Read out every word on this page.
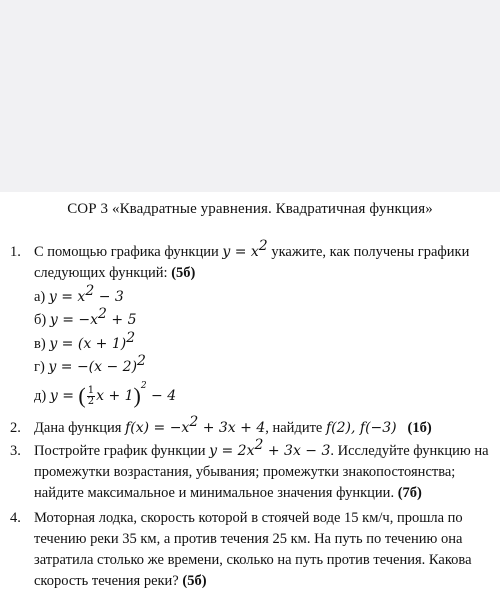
СОР 3 «Квадратные уравнения. Квадратичная функция»
1. С помощью графика функции $y = x^2$ укажите, как получены графики
следующих функций: (5б)
а) $y = x^2 - 3$
б) $y = -x^2 + 5$
в) $y = (x + 1)^2$
г) $y = -(x - 2)^2$
д) y = ( $\frac{1}{2}$ x + 1)$^2$ − 4
2. Дана функция $f(x) = -x^2 + 3x + 4$, найдите f(2), f(−3) (1б)
3. Постройте график функции $y = 2x^2 + 3x - 3$. Исследуйте функцию на
промежутки возрастания, убывания; промежутки знакопостоянства;
найдите максимальное и минимальное значения функции. (7б)
4. Моторная лодка, скорость которой в стоячей воде 15 км/ч, прошла по
течению реки 35 км, а против течения 25 км. На путь по течению она
затратила столько же времени, сколько на путь против течения. Какова
скорость течения реки? (5б)
